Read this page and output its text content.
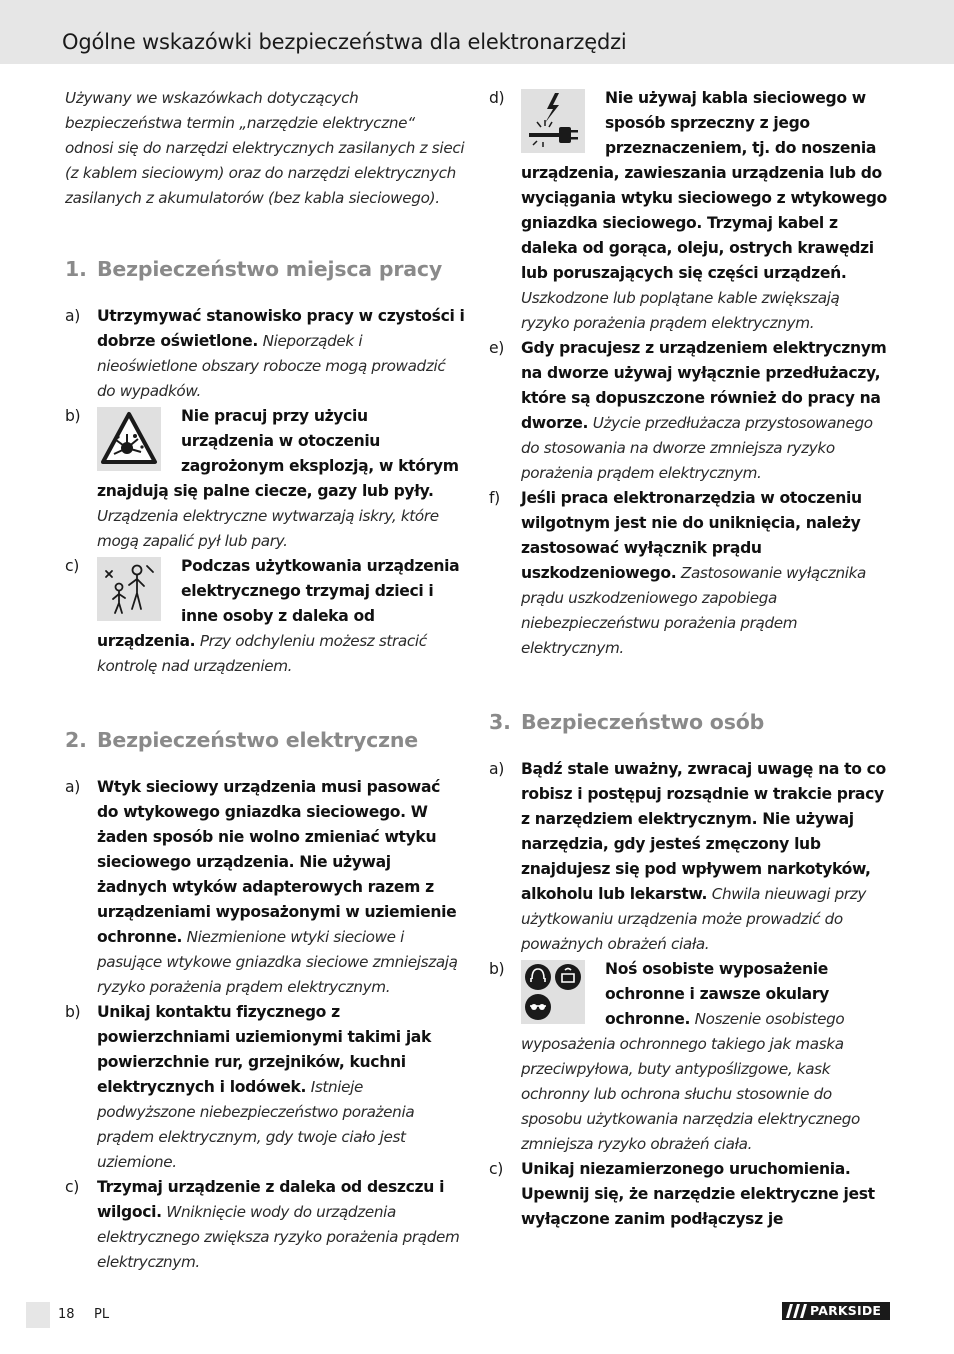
Ogólne wskazówki bezpieczeństwa dla elektronarzędzi

Używany we wskazówkach dotyczących bezpieczeństwa termin „narzędzie elektryczne“ odnosi się do narzędzi elektrycznych zasilanych z sieci (z kablem sieciowym) oraz do narzędzi elektrycznych zasilanych z akumulatorów (bez kabla sieciowego).

1. Bezpieczeństwo miejsca pracy
a) Utrzymywać stanowisko pracy w czystości i dobrze oświetlone. Nieporządek i nieoświetlone obszary robocze mogą prowadzić do wypadków.
b)	Nie pracuj przy użyciu urządzenia w otoczeniu zagrożonym eksplozją, w którym znajdują się palne ciecze, gazy lub pyły. Urządzenia elektryczne wytwarzają iskry, które mogą zapalić pył lub pary.
c)	Podczas użytkowania urządzenia elektrycznego trzymaj dzieci i inne osoby z daleka od urządzenia. Przy odchyleniu możesz stracić kontrolę nad urządzeniem.
2. Bezpieczeństwo elektryczne
a) Wtyk sieciowy urządzenia musi pasować do wtykowego gniazdka sieciowego. W żaden sposób nie wolno zmieniać wtyku sieciowego urządzenia. Nie używaj żadnych wtyków adapterowych razem z urządzeniami wyposażonymi w uziemienie ochronne. Niezmienione wtyki sieciowe i pasujące wtykowe gniazdka sieciowe zmniejszają ryzyko porażenia prądem elektrycznym.
b) Unikaj kontaktu fizycznego z powierzchniami uziemionymi takimi jak powierzchnie rur, grzejników, kuchni elektrycznych i lodówek. Istnieje podwyższone niebezpieczeństwo porażenia prądem elektrycznym, gdy twoje ciało jest uziemione.
c) Trzymaj urządzenie z daleka od deszczu i wilgoci. Wniknięcie wody do urządzenia elektrycznego zwiększa ryzyko porażenia prądem elektrycznym.
d)	Nie używaj kabla sieciowego w sposób sprzeczny z jego przeznaczeniem, tj. do noszenia urządzenia, zawieszania urządzenia lub do wyciągania wtyku sieciowego z wtykowego gniazdka sieciowego. Trzymaj kabel z daleka od gorąca, oleju, ostrych krawędzi lub poruszających się części urządzeń. Uszkodzone lub poplątane kable zwiększają ryzyko porażenia prądem elektrycznym.
e) Gdy pracujesz z urządzeniem elektrycznym na dworze używaj wyłącznie przedłużaczy, które są dopuszczone również do pracy na dworze. Użycie przedłużacza przystosowanego do stosowania na dworze zmniejsza ryzyko porażenia prądem elektrycznym.
f) Jeśli praca elektronarzędzia w otoczeniu wilgotnym jest nie do uniknięcia, należy zastosować wyłącznik prądu uszkodzeniowego. Zastosowanie wyłącznika prądu uszkodzeniowego zapobiega niebezpieczeństwu porażenia prądem elektrycznym.
3. Bezpieczeństwo osób
a) Bądź stale uważny, zwracaj uwagę na to co robisz i postępuj rozsądnie w trakcie pracy z narzędziem elektrycznym. Nie używaj narzędzia, gdy jesteś zmęczony lub znajdujesz się pod wpływem narkotyków, alkoholu lub lekarstw. Chwila nieuwagi przy użytkowaniu urządzenia może prowadzić do poważnych obrażeń ciała.
b)	Noś osobiste wyposażenie ochronne i zawsze okulary ochronne. Noszenie osobistego wyposażenia ochronnego takiego jak maska przeciwpyłowa, buty antypoślizgowe, kask ochronny lub ochrona słuchu stosownie do sposobu użytkowania narzędzia elektrycznego zmniejsza ryzyko obrażeń ciała.
c) Unikaj niezamierzonego uruchomienia. Upewnij się, że narzędzie elektryczne jest wyłączone zanim podłączysz je
18 PL	PARKSIDE
